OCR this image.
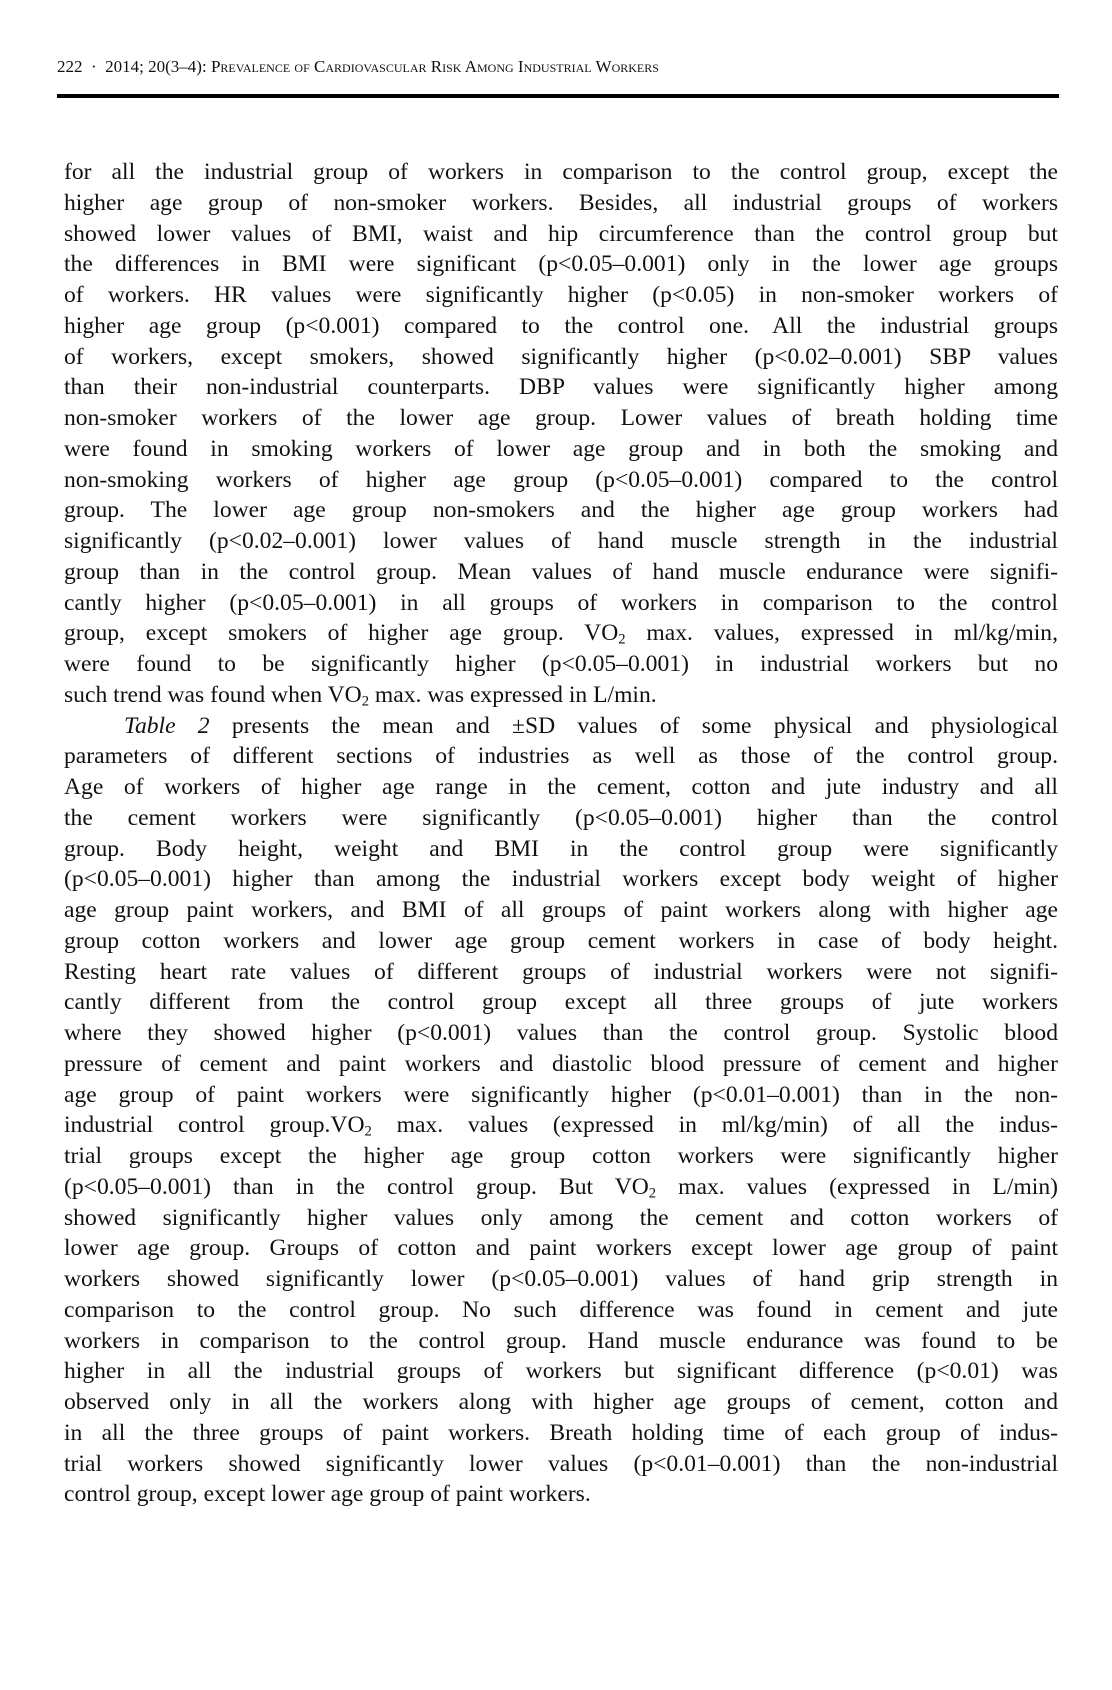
222 · 2014; 20(3–4): Prevalence of Cardiovascular Risk Among Industrial Workers
for all the industrial group of workers in comparison to the control group, except the
higher age group of non-smoker workers. Besides, all industrial groups of workers
showed lower values of BMI, waist and hip circumference than the control group but
the differences in BMI were significant (p<0.05–0.001) only in the lower age groups
of workers. HR values were significantly higher (p<0.05) in non-smoker workers of
higher age group (p<0.001) compared to the control one. All the industrial groups
of workers, except smokers, showed significantly higher (p<0.02–0.001) SBP values
than their non-industrial counterparts. DBP values were significantly higher among
non-smoker workers of the lower age group. Lower values of breath holding time
were found in smoking workers of lower age group and in both the smoking and
non-smoking workers of higher age group (p<0.05–0.001) compared to the control
group. The lower age group non-smokers and the higher age group workers had
significantly (p<0.02–0.001) lower values of hand muscle strength in the industrial
group than in the control group. Mean values of hand muscle endurance were signifi-
cantly higher (p<0.05–0.001) in all groups of workers in comparison to the control
group, except smokers of higher age group. $VO_2$ max. values, expressed in ml/kg/min,
were found to be significantly higher (p<0.05–0.001) in industrial workers but no
such trend was found when $VO_2$ max. was expressed in L/min.
Table 2 presents the mean and ±SD values of some physical and physiological
parameters of different sections of industries as well as those of the control group.
Age of workers of higher age range in the cement, cotton and jute industry and all
the cement workers were significantly (p<0.05–0.001) higher than the control
group. Body height, weight and BMI in the control group were significantly
(p<0.05–0.001) higher than among the industrial workers except body weight of higher
age group paint workers, and BMI of all groups of paint workers along with higher age
group cotton workers and lower age group cement workers in case of body height.
Resting heart rate values of different groups of industrial workers were not signifi-
cantly different from the control group except all three groups of jute workers
where they showed higher (p<0.001) values than the control group. Systolic blood
pressure of cement and paint workers and diastolic blood pressure of cement and higher
age group of paint workers were significantly higher (p<0.01–0.001) than in the non-
industrial control $group.VO_2$ max. values (expressed in ml/kg/min) of all the indus-
trial groups except the higher age group cotton workers were significantly higher
(p<0.05–0.001) than in the control group. But $VO_2$ max. values (expressed in L/min)
showed significantly higher values only among the cement and cotton workers of
lower age group. Groups of cotton and paint workers except lower age group of paint
workers showed significantly lower (p<0.05–0.001) values of hand grip strength in
comparison to the control group. No such difference was found in cement and jute
workers in comparison to the control group. Hand muscle endurance was found to be
higher in all the industrial groups of workers but significant difference (p<0.01) was
observed only in all the workers along with higher age groups of cement, cotton and
in all the three groups of paint workers. Breath holding time of each group of indus-
trial workers showed significantly lower values (p<0.01–0.001) than the non-industrial
control group, except lower age group of paint workers.
